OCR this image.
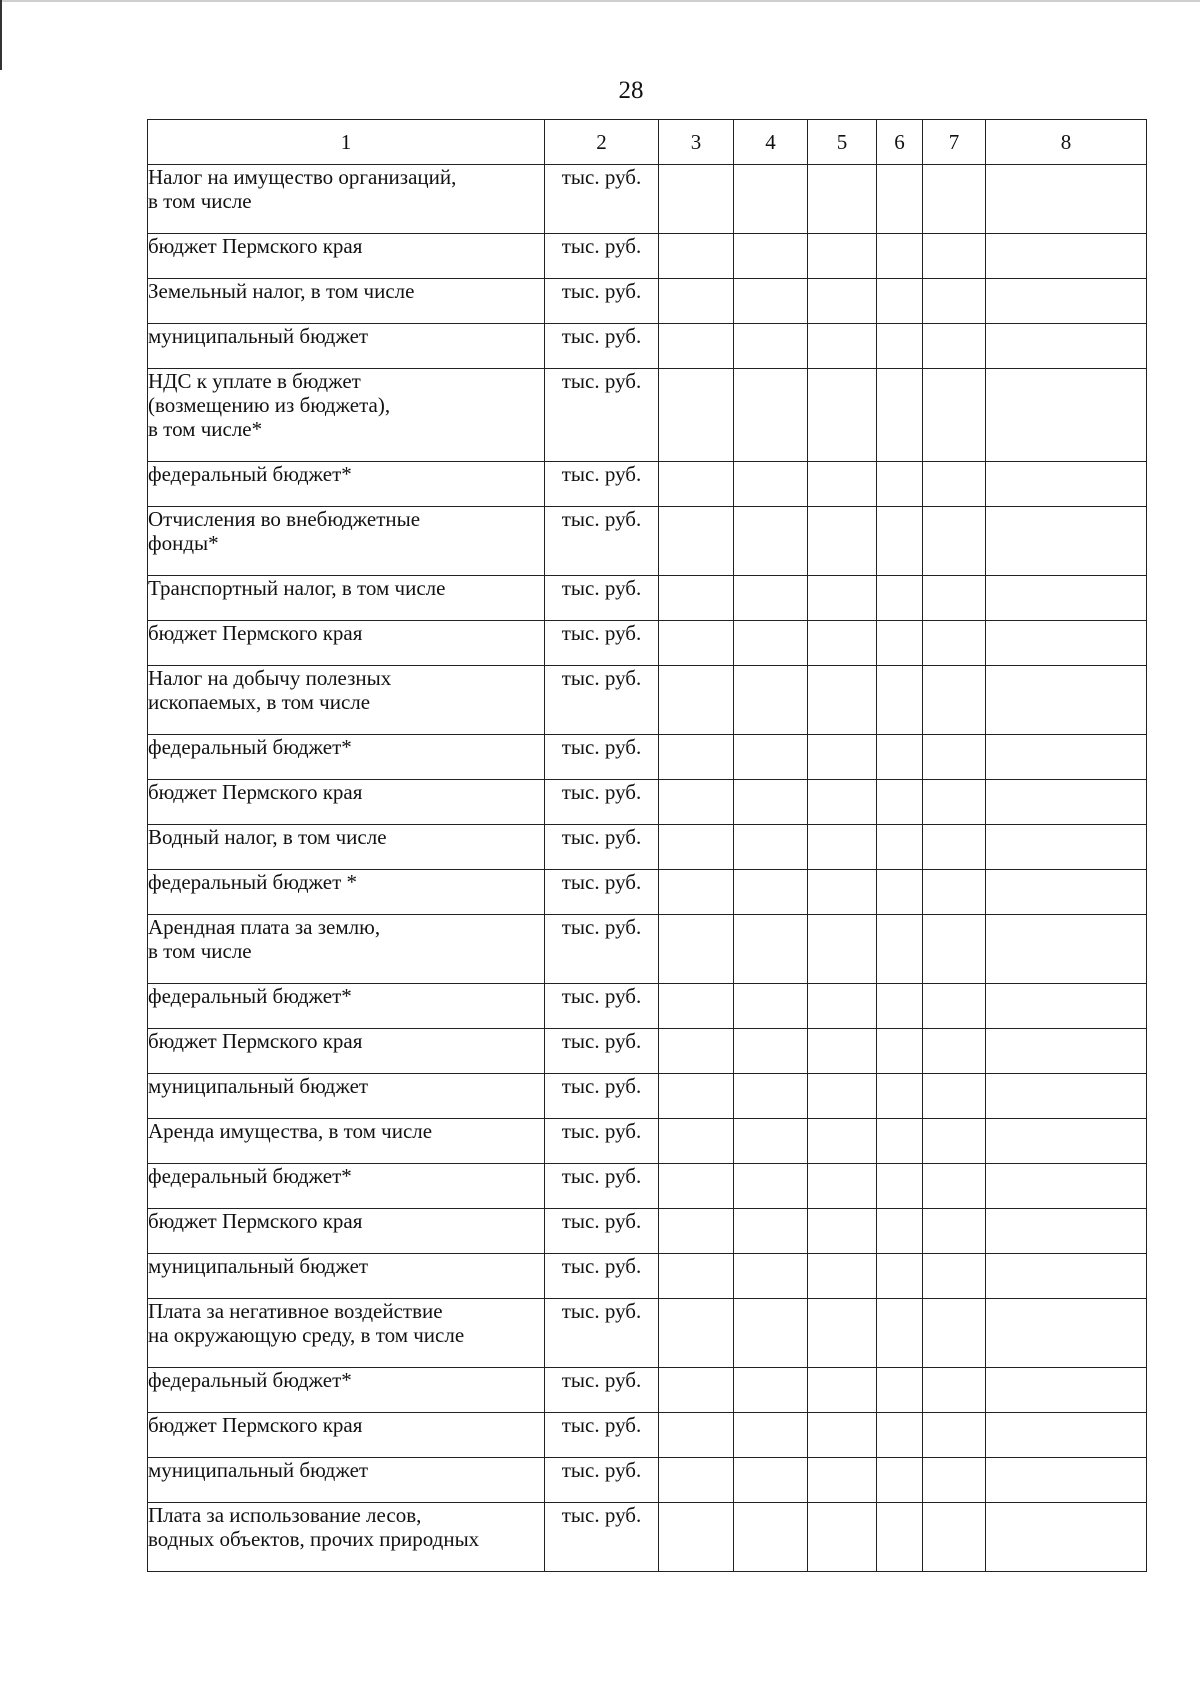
28
1	2	3	4	5	6	7	8
Налог на имущество организаций,
в том числе	тыс. руб.						
бюджет Пермского края	тыс. руб.						
Земельный налог, в том числе	тыс. руб.						
муниципальный бюджет	тыс. руб.						
НДС к уплате в бюджет
(возмещению из бюджета),
в том числе*	тыс. руб.						
федеральный бюджет*	тыс. руб.						
Отчисления во внебюджетные
фонды*	тыс. руб.						
Транспортный налог, в том числе	тыс. руб.						
бюджет Пермского края	тыс. руб.						
Налог на добычу полезных
ископаемых, в том числе	тыс. руб.						
федеральный бюджет*	тыс. руб.						
бюджет Пермского края	тыс. руб.						
Водный налог, в том числе	тыс. руб.						
федеральный бюджет *	тыс. руб.						
Арендная плата за землю,
в том числе	тыс. руб.						
федеральный бюджет*	тыс. руб.						
бюджет Пермского края	тыс. руб.						
муниципальный бюджет	тыс. руб.						
Аренда имущества, в том числе	тыс. руб.						
федеральный бюджет*	тыс. руб.						
бюджет Пермского края	тыс. руб.						
муниципальный бюджет	тыс. руб.						
Плата за негативное воздействие
на окружающую среду, в том числе	тыс. руб.						
федеральный бюджет*	тыс. руб.						
бюджет Пермского края	тыс. руб.						
муниципальный бюджет	тыс. руб.						
Плата за использование лесов,
водных объектов, прочих природных	тыс. руб.						
